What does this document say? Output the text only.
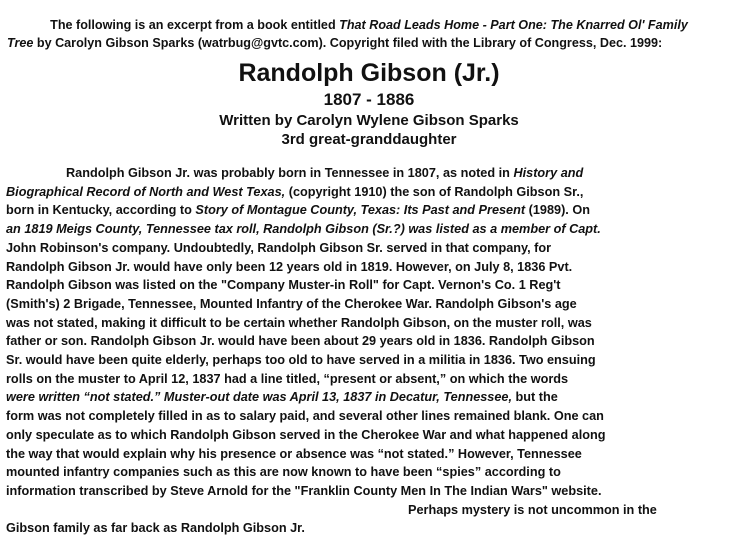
The following is an excerpt from a book entitled That Road Leads Home - Part One: The Knarred Ol' Family
Tree by Carolyn Gibson Sparks (watrbug@gvtc.com). Copyright filed with the Library of Congress, Dec. 1999:
Randolph Gibson (Jr.)
1807 - 1886
Written by Carolyn Wylene Gibson Sparks
3rd great-granddaughter
Randolph Gibson Jr. was probably born in Tennessee in 1807, as noted in History and
Biographical Record of North and West Texas, (copyright 1910) the son of Randolph Gibson Sr.,
born in Kentucky, according to Story of Montague County, Texas: Its Past and Present (1989). On
an 1819 Meigs County, Tennessee tax roll, Randolph Gibson (Sr.?) was listed as a member of Capt.
John Robinson's company. Undoubtedly, Randolph Gibson Sr. served in that company, for
Randolph Gibson Jr. would have only been 12 years old in 1819. However, on July 8, 1836 Pvt.
Randolph Gibson was listed on the "Company Muster-in Roll" for Capt. Vernon's Co. 1 Reg't
(Smith's) 2 Brigade, Tennessee, Mounted Infantry of the Cherokee War. Randolph Gibson's age
was not stated, making it difficult to be certain whether Randolph Gibson, on the muster roll, was
father or son. Randolph Gibson Jr. would have been about 29 years old in 1836. Randolph Gibson
Sr. would have been quite elderly, perhaps too old to have served in a militia in 1836. Two ensuing
rolls on the muster to April 12, 1837 had a line titled, “present or absent,” on which the words
were written “not stated.” Muster-out date was April 13, 1837 in Decatur, Tennessee, but the
form was not completely filled in as to salary paid, and several other lines remained blank. One can
only speculate as to which Randolph Gibson served in the Cherokee War and what happened along
the way that would explain why his presence or absence was “not stated.” However, Tennessee
mounted infantry companies such as this are now known to have been “spies” according to
information transcribed by Steve Arnold for the "Franklin County Men In The Indian Wars" website.
Perhaps mystery is not uncommon in the
Gibson family as far back as Randolph Gibson Jr.
